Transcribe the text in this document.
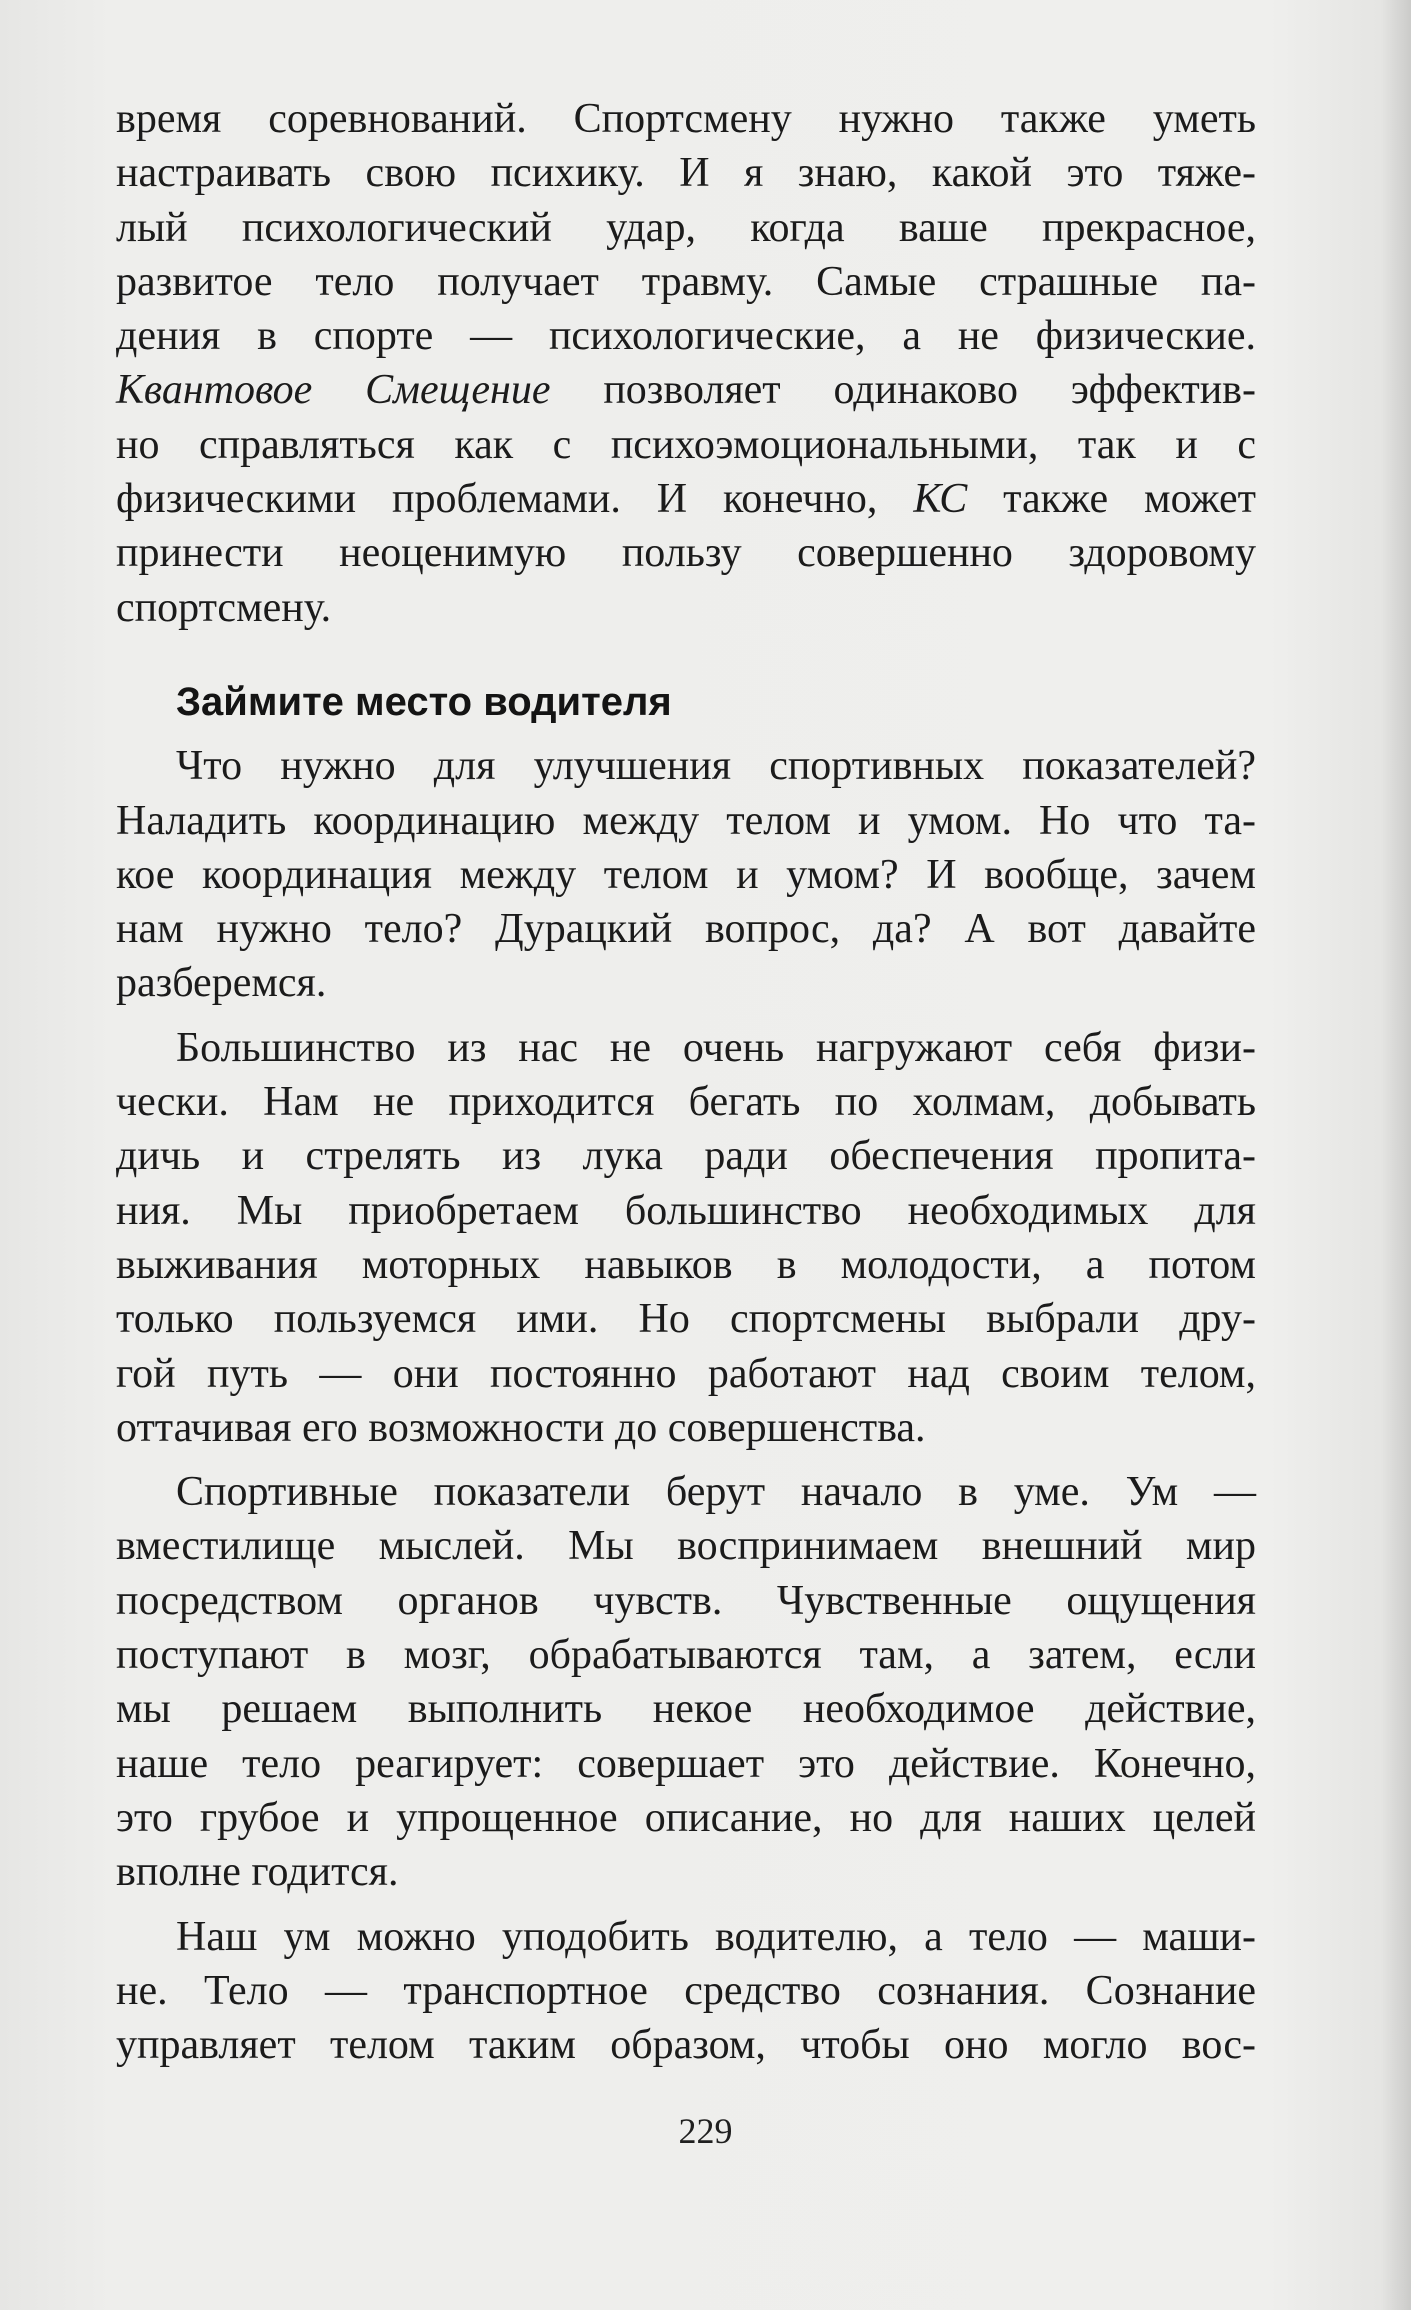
время соревнований. Спортсмену нужно также уметь
настраивать свою психику. И я знаю, какой это тяже-
лый психологический удар, когда ваше прекрасное,
развитое тело получает травму. Самые страшные па-
дения в спорте — психологические, а не физические.
Квантовое Смещение позволяет одинаково эффектив-
но справляться как с психоэмоциональными, так и с
физическими проблемами. И конечно, КС также может
принести неоценимую пользу совершенно здоровому
спортсмену.
Займите место водителя
Что нужно для улучшения спортивных показателей?
Наладить координацию между телом и умом. Но что та-
кое координация между телом и умом? И вообще, зачем
нам нужно тело? Дурацкий вопрос, да? А вот давайте
разберемся.
Большинство из нас не очень нагружают себя физи-
чески. Нам не приходится бегать по холмам, добывать
дичь и стрелять из лука ради обеспечения пропита-
ния. Мы приобретаем большинство необходимых для
выживания моторных навыков в молодости, а потом
только пользуемся ими. Но спортсмены выбрали дру-
гой путь — они постоянно работают над своим телом,
оттачивая его возможности до совершенства.
Спортивные показатели берут начало в уме. Ум —
вместилище мыслей. Мы воспринимаем внешний мир
посредством органов чувств. Чувственные ощущения
поступают в мозг, обрабатываются там, а затем, если
мы решаем выполнить некое необходимое действие,
наше тело реагирует: совершает это действие. Конечно,
это грубое и упрощенное описание, но для наших целей
вполне годится.
Наш ум можно уподобить водителю, а тело — маши-
не. Тело — транспортное средство сознания. Сознание
управляет телом таким образом, чтобы оно могло вос-
229
